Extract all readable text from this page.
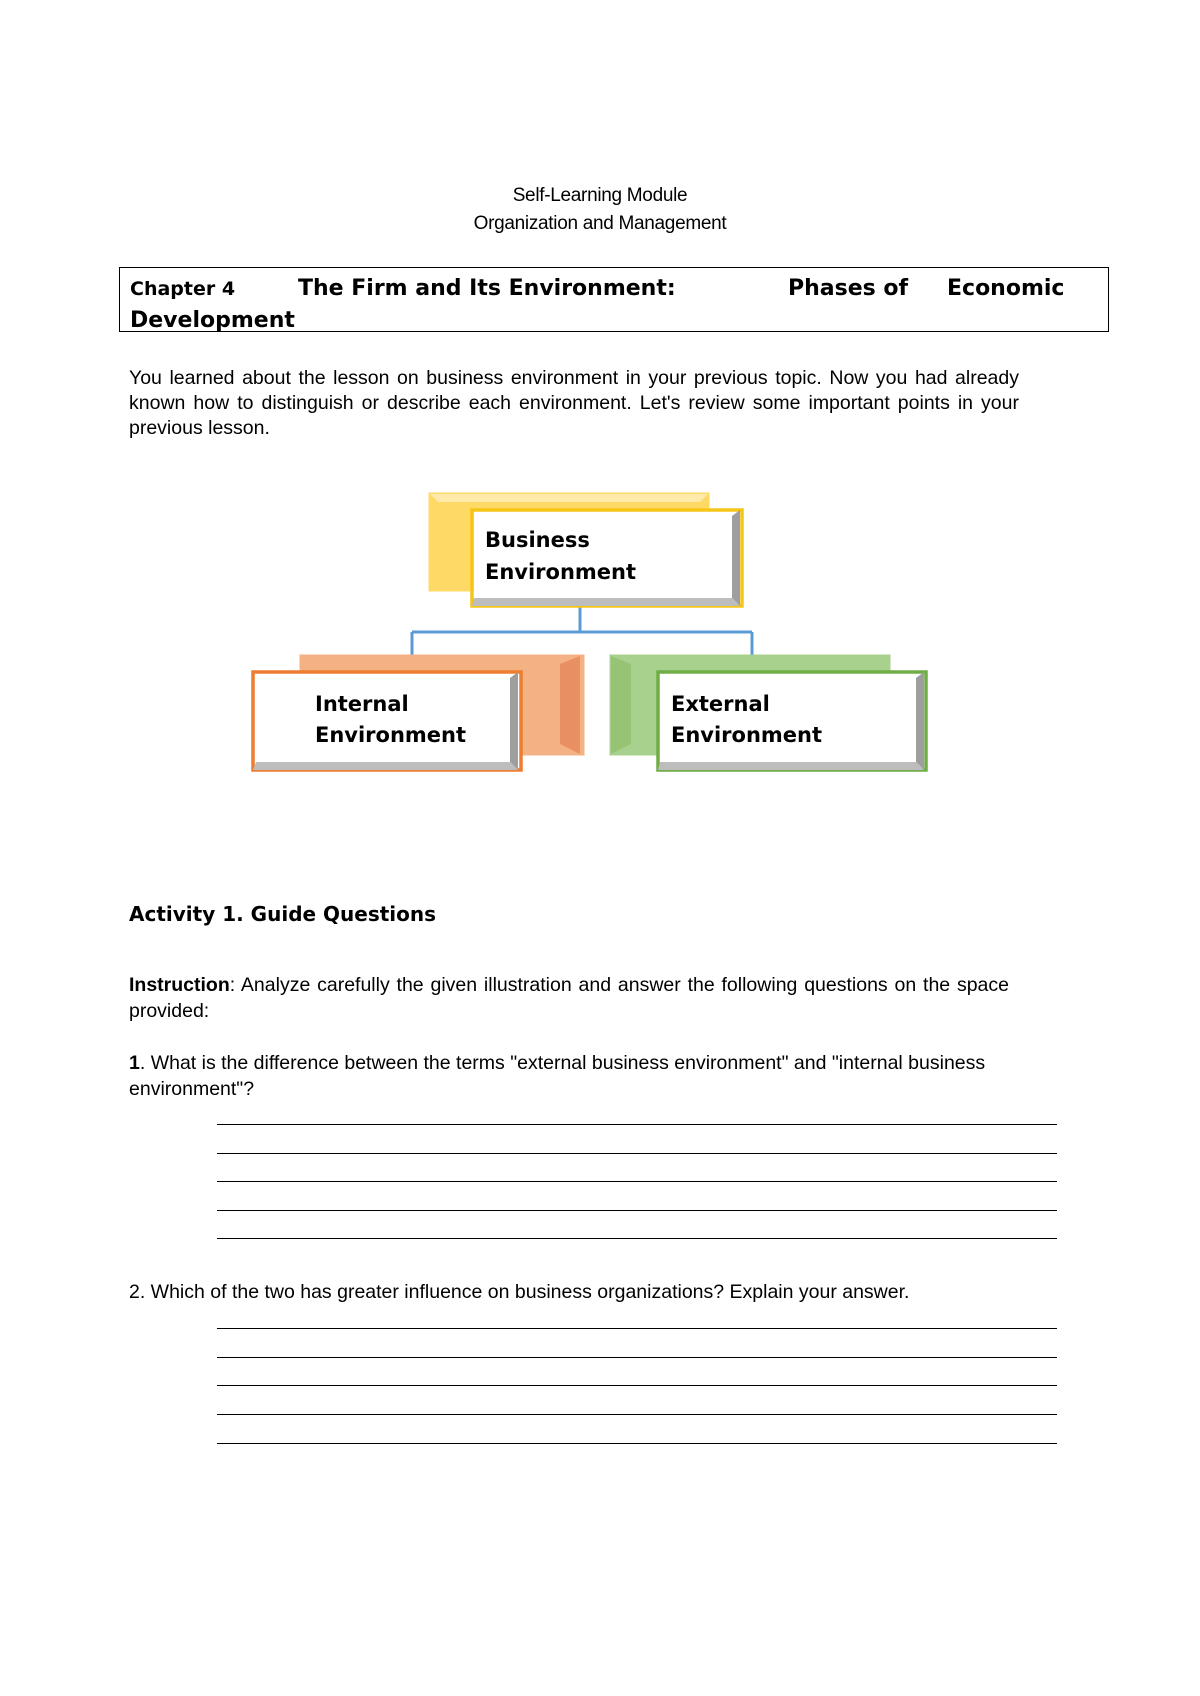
Self-Learning Module
Organization and Management
Chapter 4	The Firm and Its Environment:	Phases of Economic
Development
You learned about the lesson on business environment in your previous topic. Now you had already known how to distinguish or describe each environment. Let's review some important points in your previous lesson.
Business
Environment
Internal
Environment
External
Environment
Activity 1. Guide Questions
Instruction: Analyze carefully the given illustration and answer the following questions on the space provided:
1. What is the difference between the terms "external business environment" and "internal business environment"?
2. Which of the two has greater influence on business organizations? Explain your answer.
